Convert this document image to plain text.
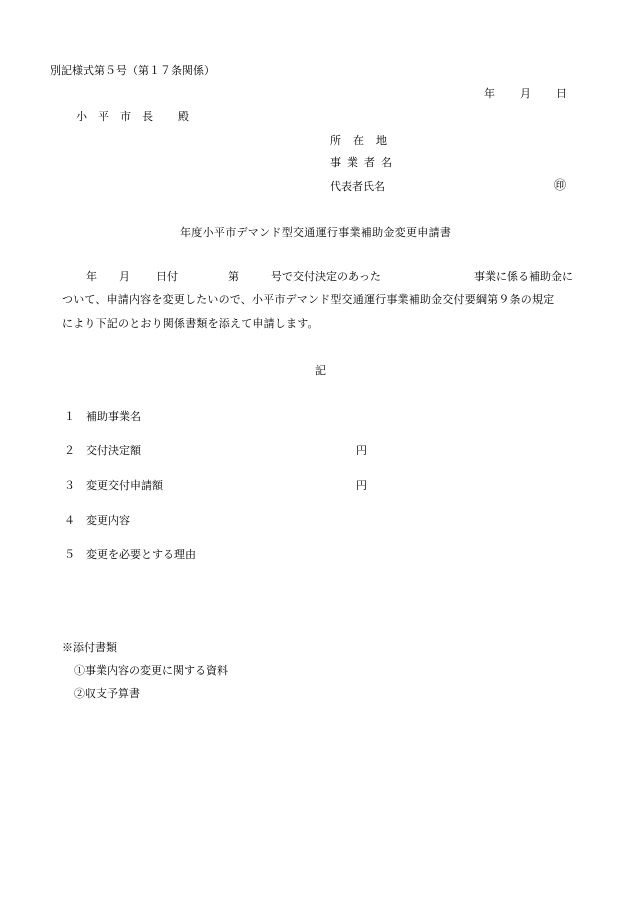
別記様式第５号（第１７条関係）
年 月 日
小平市長 殿
所在地
事業者名
代表者氏名	㊞
年度小平市デマンド型交通運行事業補助金変更申請書
年 月 日付	第	号で交付決定のあった	事業に係る補助金に
ついて、申請内容を変更したいので、小平市デマンド型交通運行事業補助金交付要綱第９条の規定
により下記のとおり関係書類を添えて申請します。
記
１ 補助事業名
２ 交付決定額	円
３ 変更交付申請額	円
４ 変更内容
５ 変更を必要とする理由
※添付書類
①事業内容の変更に関する資料
②収支予算書
